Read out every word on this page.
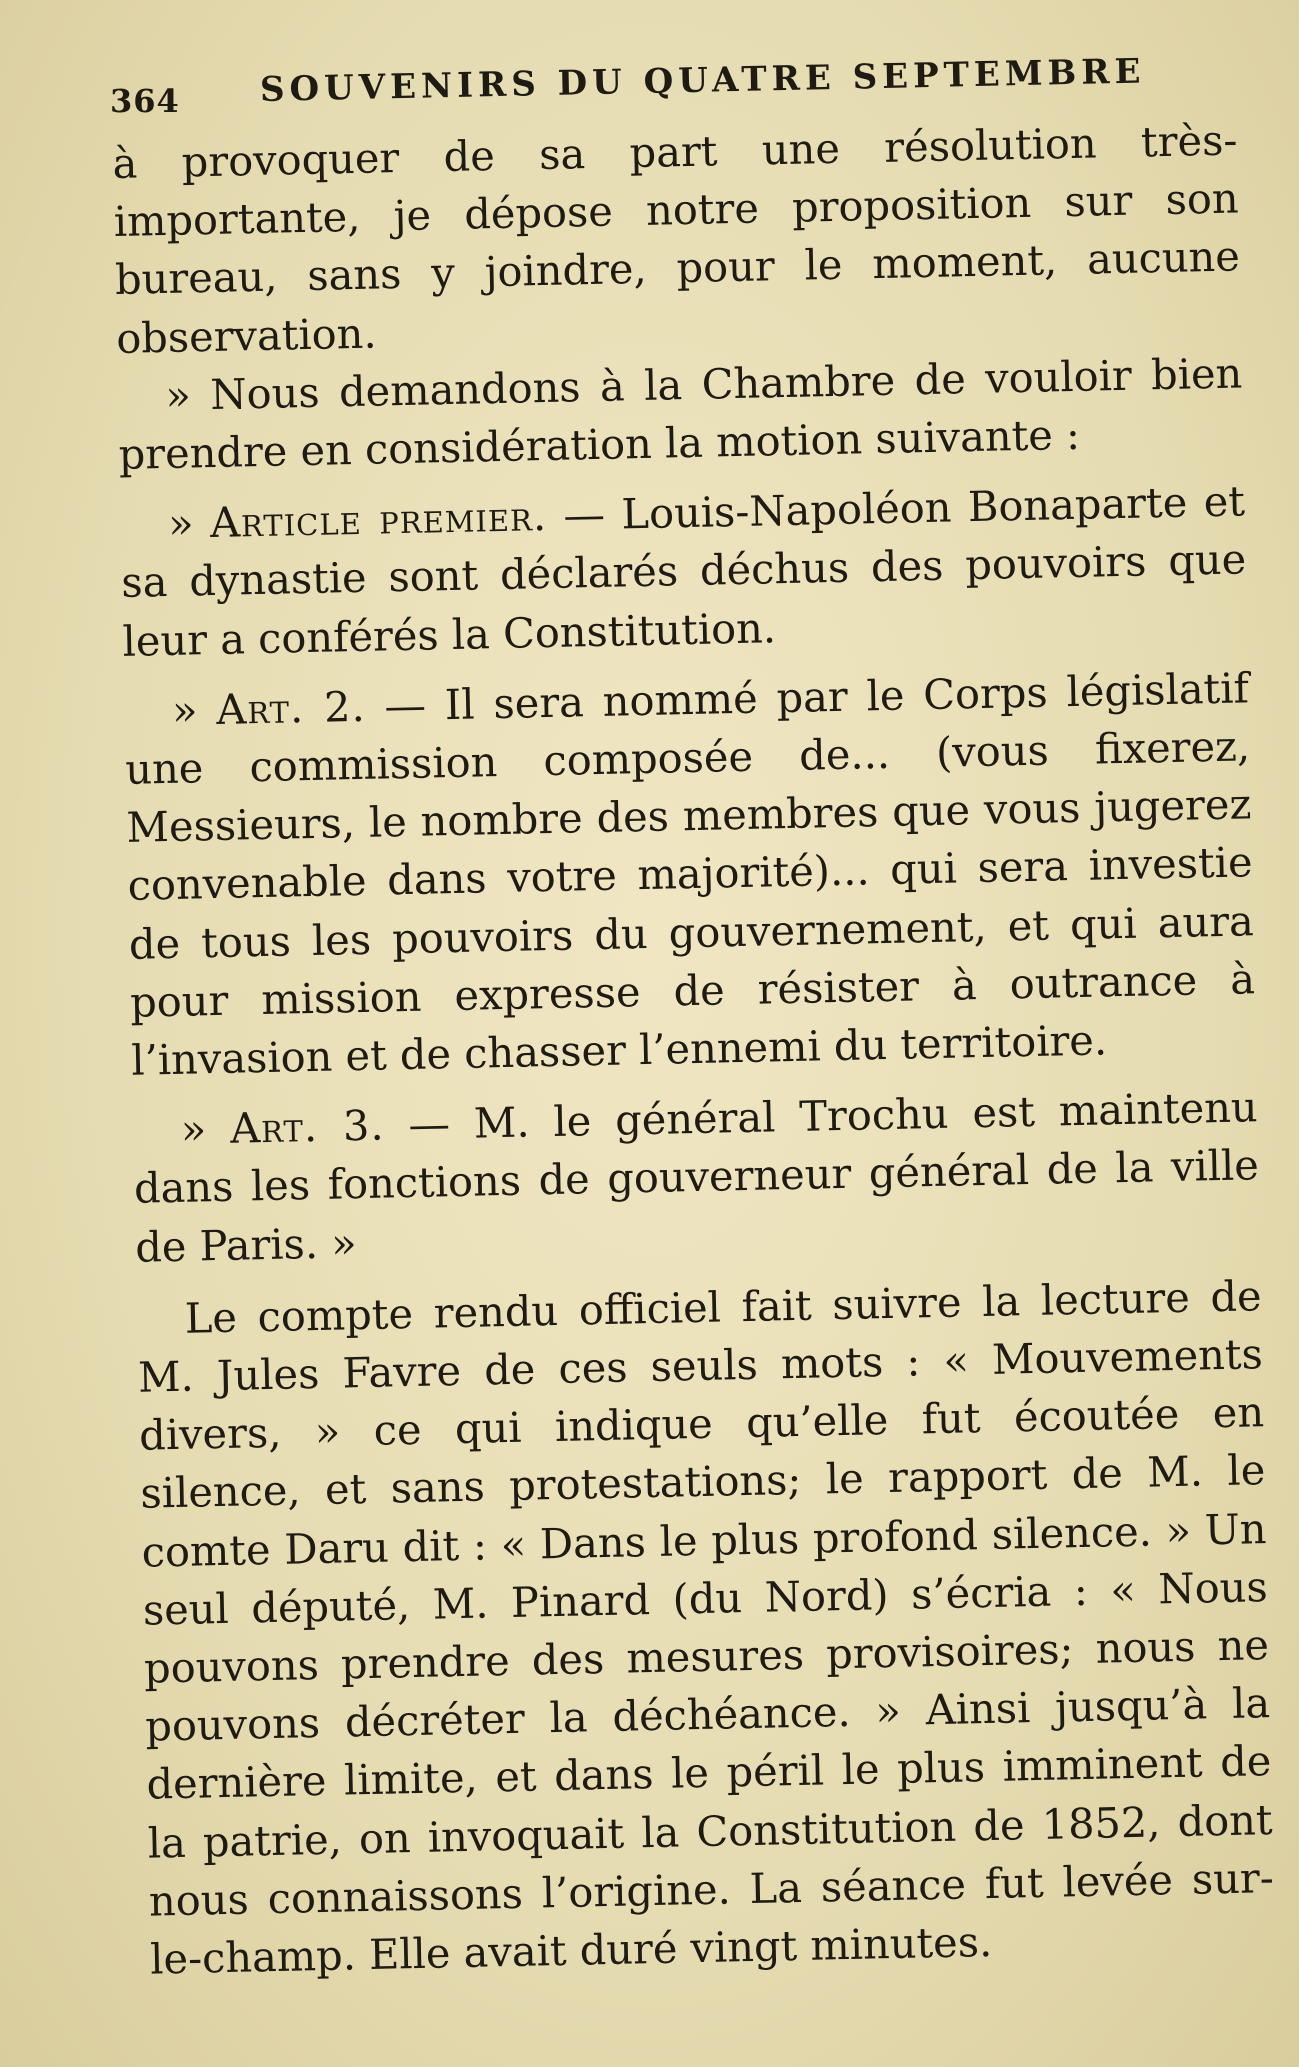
364 SOUVENIRS DU QUATRE SEPTEMBRE

à provoquer de sa part une résolution très-importante, je dépose notre proposition sur son bureau, sans y joindre, pour le moment, aucune observation.

» Nous demandons à la Chambre de vouloir bien prendre en considération la motion suivante :

» Article premier. — Louis-Napoléon Bonaparte et sa dynastie sont déclarés déchus des pouvoirs que leur a conférés la Constitution.

» Art. 2. — Il sera nommé par le Corps législatif une commission composée de... (vous fixerez, Messieurs, le nombre des membres que vous jugerez convenable dans votre majorité)... qui sera investie de tous les pouvoirs du gouvernement, et qui aura pour mission expresse de résister à outrance à l’invasion et de chasser l’ennemi du territoire.

» Art. 3. — M. le général Trochu est maintenu dans les fonctions de gouverneur général de la ville de Paris. »

Le compte rendu officiel fait suivre la lecture de M. Jules Favre de ces seuls mots : « Mouvements divers, » ce qui indique qu’elle fut écoutée en silence, et sans protestations; le rapport de M. le comte Daru dit : « Dans le plus profond silence. » Un seul député, M. Pinard (du Nord) s’écria : « Nous pouvons prendre des mesures provisoires; nous ne pouvons décréter la déchéance. » Ainsi jusqu’à la dernière limite, et dans le péril le plus imminent de la patrie, on invoquait la Constitution de 1852, dont nous connaissons l’origine. La séance fut levée sur-le-champ. Elle avait duré vingt minutes.
